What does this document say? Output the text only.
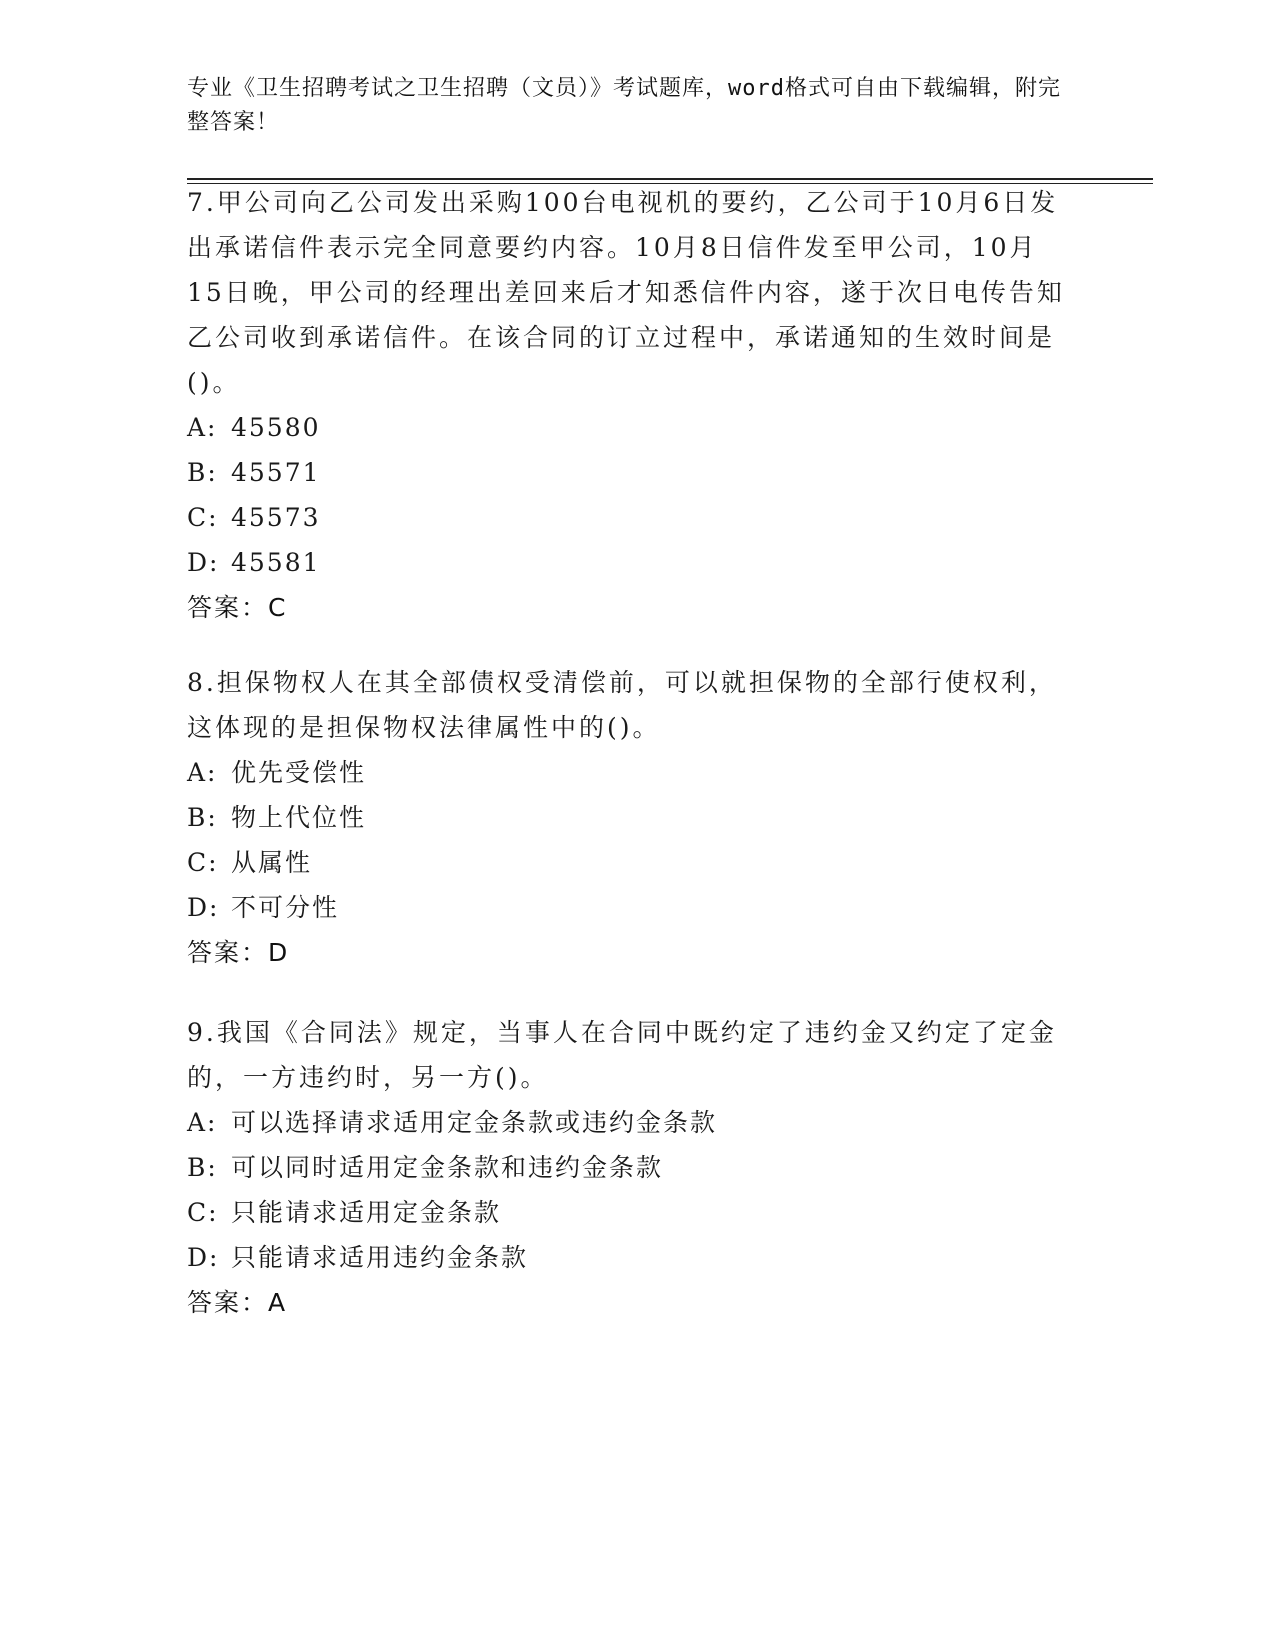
专业《卫生招聘考试之卫生招聘（文员）》考试题库，word格式可自由下载编辑，附完整答案！

7.甲公司向乙公司发出采购100台电视机的要约，乙公司于10月6日发出承诺信件表示完全同意要约内容。10月8日信件发至甲公司，10月15日晚，甲公司的经理出差回来后才知悉信件内容，遂于次日电传告知乙公司收到承诺信件。在该合同的订立过程中，承诺通知的生效时间是()。

A: 45580

B: 45571

C: 45573

D: 45581

答案：C

8.担保物权人在其全部债权受清偿前，可以就担保物的全部行使权利，这体现的是担保物权法律属性中的()。

A: 优先受偿性

B: 物上代位性

C: 从属性

D: 不可分性

答案：D

9.我国《合同法》规定，当事人在合同中既约定了违约金又约定了定金的，一方违约时，另一方()。

A: 可以选择请求适用定金条款或违约金条款

B: 可以同时适用定金条款和违约金条款

C: 只能请求适用定金条款

D: 只能请求适用违约金条款

答案：A
